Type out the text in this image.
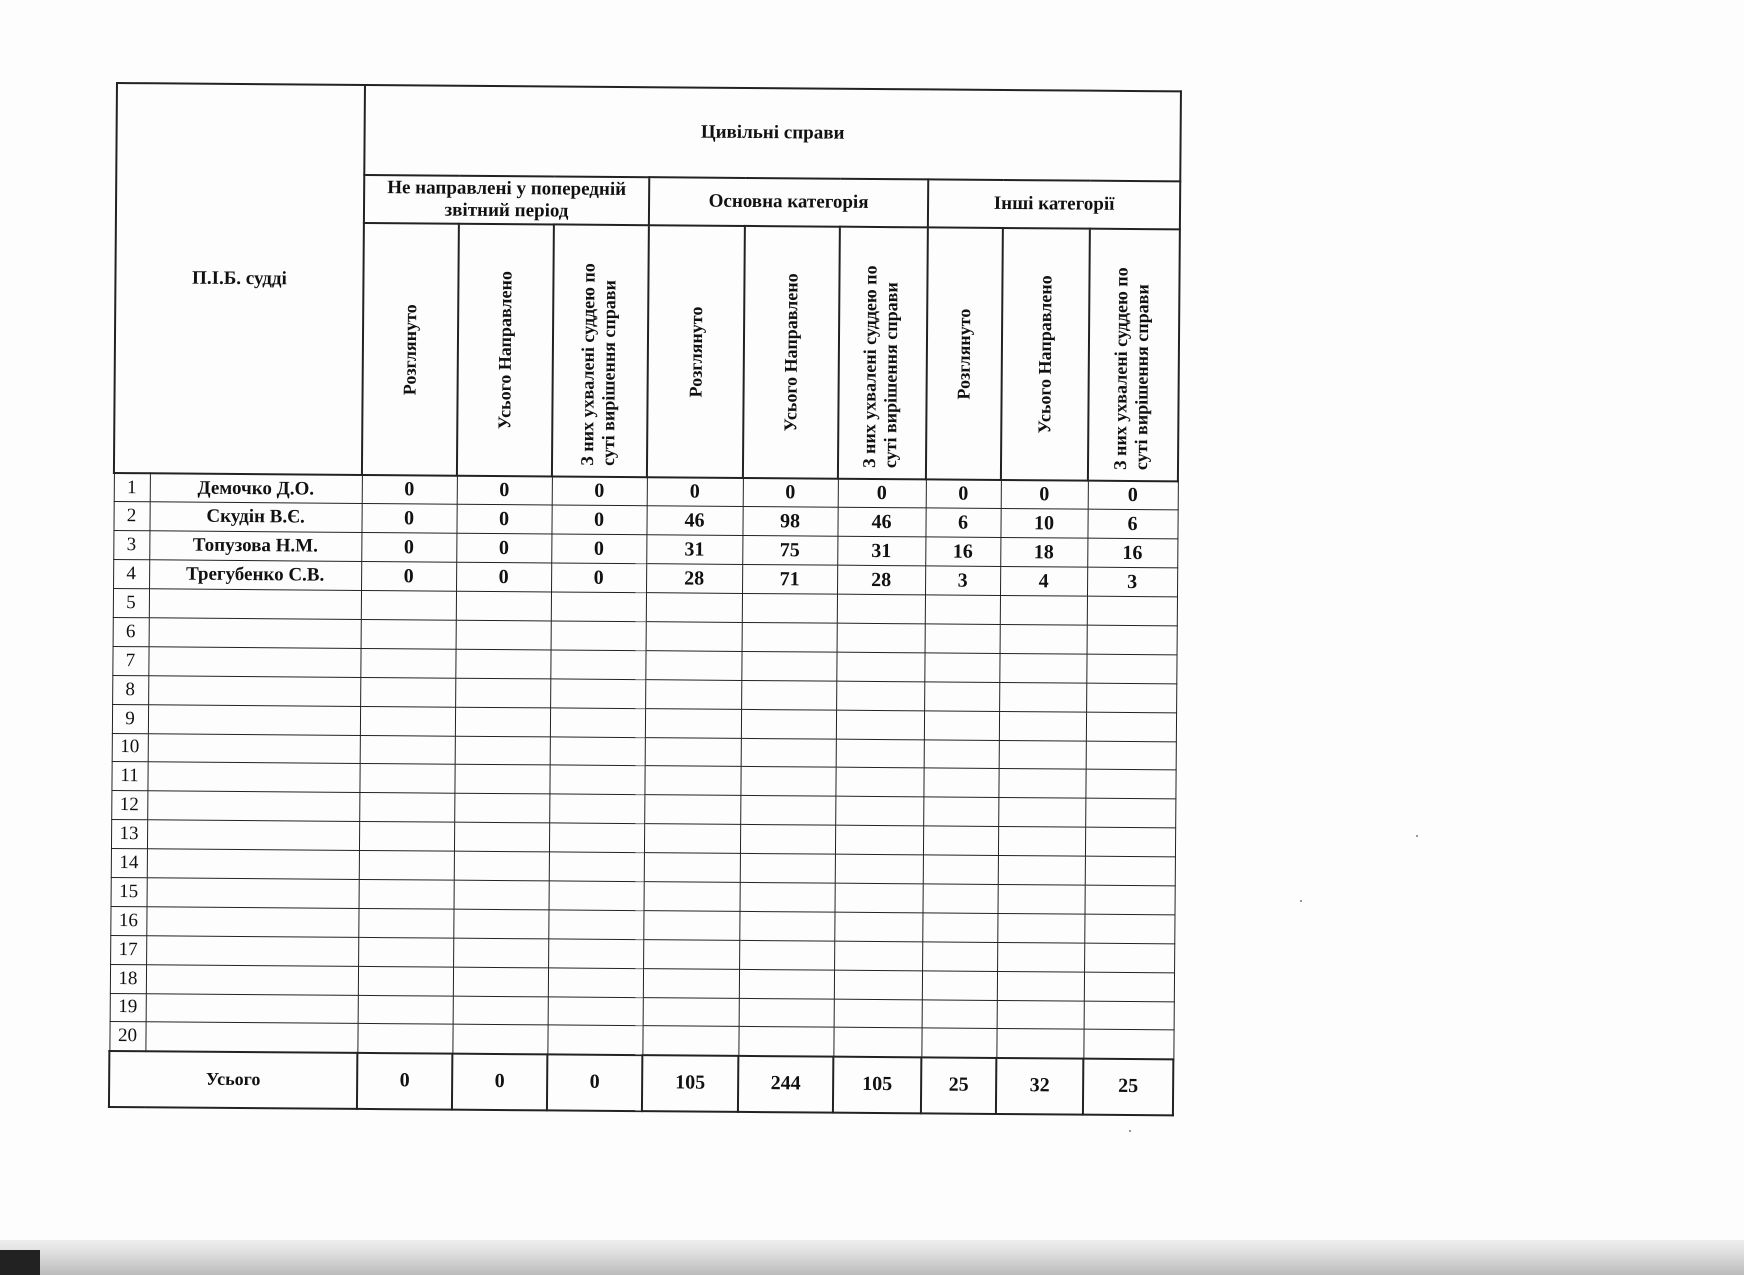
П.І.Б. судді		Цивільні справи								
		Не направлені у попередній звітний період			Основна категорія			Інші категорії		

		Розглянуто	Усього Направлено	З них ухвалені суддею по суті вирішення справи	Розглянуто	Усього Направлено	З них ухвалені суддею по суті вирішення справи	Розглянуто	Усього Направлено	З них ухвалені суддею по суті вирішення справи

1	Демочко Д.О.	0	0	0	0	0	0	0	0	0
2	Скудін В.Є.	0	0	0	46	98	46	6	10	6
3	Топузова Н.М.	0	0	0	31	75	31	16	18	16
4	Трегубенко С.В.	0	0	0	28	71	28	3	4	3
5										
6										
7										
8										
9										
10										
11										
12										
13										
14										
15										
16										
17										
18										
19										
20										
Усього		0	0	0	105	244	105	25	32	25
